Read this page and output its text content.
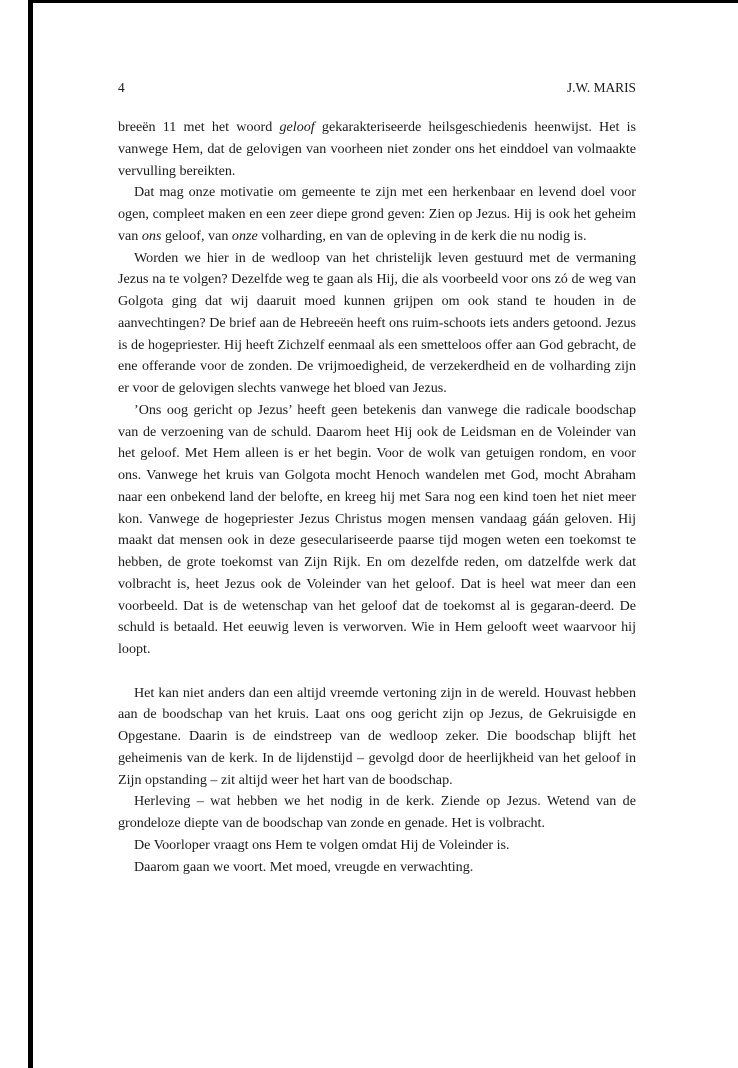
4	J.W. MARIS

breeën 11 met het woord geloof gekarakteriseerde heilsgeschiedenis heenwijst. Het is vanwege Hem, dat de gelovigen van voorheen niet zonder ons het einddoel van volmaakte vervulling bereikten.

Dat mag onze motivatie om gemeente te zijn met een herkenbaar en levend doel voor ogen, compleet maken en een zeer diepe grond geven: Zien op Jezus. Hij is ook het geheim van ons geloof, van onze volharding, en van de opleving in de kerk die nu nodig is.

Worden we hier in de wedloop van het christelijk leven gestuurd met de vermaning Jezus na te volgen? Dezelfde weg te gaan als Hij, die als voorbeeld voor ons zó de weg van Golgota ging dat wij daaruit moed kunnen grijpen om ook stand te houden in de aanvechtingen? De brief aan de Hebreeën heeft ons ruim-schoots iets anders getoond. Jezus is de hogepriester. Hij heeft Zichzelf eenmaal als een smetteloos offer aan God gebracht, de ene offerande voor de zonden. De vrijmoedigheid, de verzekerdheid en de volharding zijn er voor de gelovigen slechts vanwege het bloed van Jezus.

’Ons oog gericht op Jezus’ heeft geen betekenis dan vanwege die radicale boodschap van de verzoening van de schuld. Daarom heet Hij ook de Leidsman en de Voleinder van het geloof. Met Hem alleen is er het begin. Voor de wolk van getuigen rondom, en voor ons. Vanwege het kruis van Golgota mocht Henoch wandelen met God, mocht Abraham naar een onbekend land der belofte, en kreeg hij met Sara nog een kind toen het niet meer kon. Vanwege de hogepriester Jezus Christus mogen mensen vandaag gáán geloven. Hij maakt dat mensen ook in deze geseculariseerde paarse tijd mogen weten een toekomst te hebben, de grote toekomst van Zijn Rijk. En om dezelfde reden, om datzelfde werk dat volbracht is, heet Jezus ook de Voleinder van het geloof. Dat is heel wat meer dan een voorbeeld. Dat is de wetenschap van het geloof dat de toekomst al is gegaran-deerd. De schuld is betaald. Het eeuwig leven is verworven. Wie in Hem gelooft weet waarvoor hij loopt.

Het kan niet anders dan een altijd vreemde vertoning zijn in de wereld. Houvast hebben aan de boodschap van het kruis. Laat ons oog gericht zijn op Jezus, de Gekruisigde en Opgestane. Daarin is de eindstreep van de wedloop zeker. Die boodschap blijft het geheimenis van de kerk. In de lijdenstijd – gevolgd door de heerlijkheid van het geloof in Zijn opstanding – zit altijd weer het hart van de boodschap.

Herleving – wat hebben we het nodig in de kerk. Ziende op Jezus. Wetend van de grondeloze diepte van de boodschap van zonde en genade. Het is volbracht.

De Voorloper vraagt ons Hem te volgen omdat Hij de Voleinder is.

Daarom gaan we voort. Met moed, vreugde en verwachting.
